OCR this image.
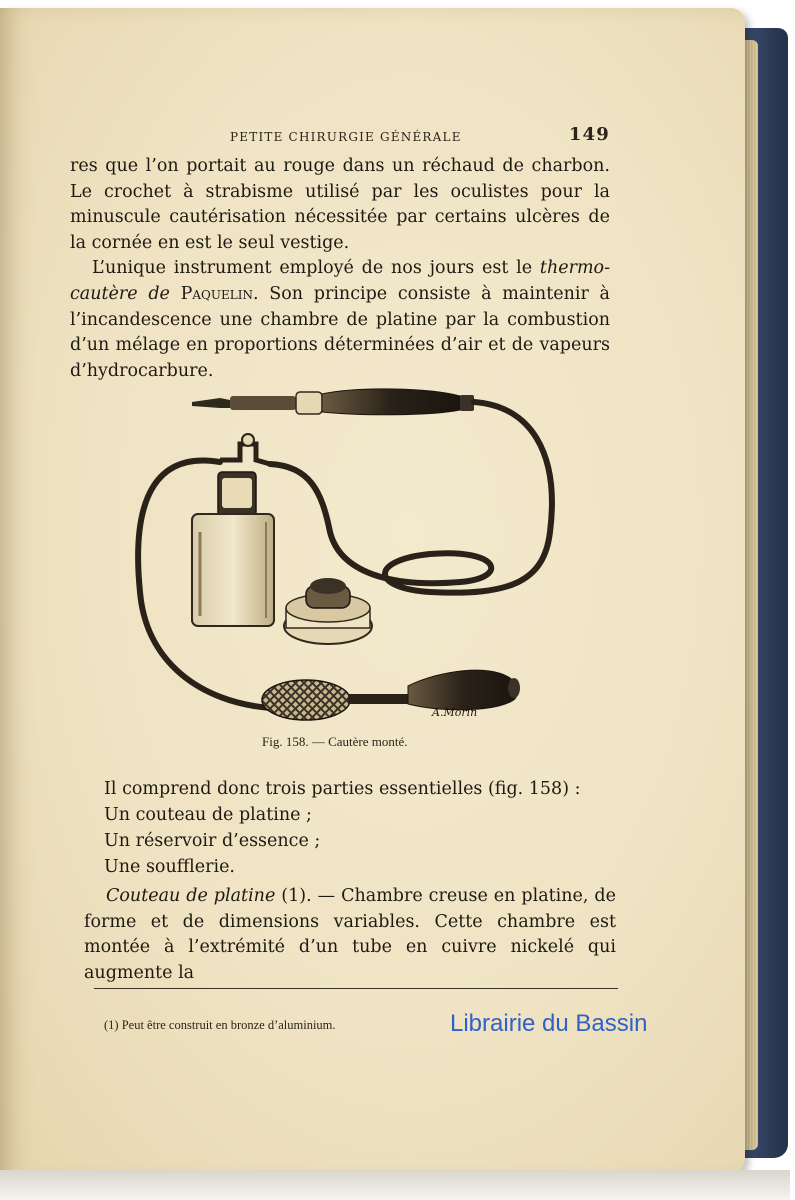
PETITE CHIRURGIE GÉNÉRALE	149

res que l’on portait au rouge dans un réchaud de charbon. Le crochet à strabisme utilisé par les oculistes pour la minuscule cautérisation nécessitée par certains ulcères de la cornée en est le seul vestige.

L’unique instrument employé de nos jours est le thermo-cautère de Paquelin. Son principe consiste à maintenir à l’incandescence une chambre de platine par la combustion d’un mélage en proportions déterminées d’air et de vapeurs d’hydrocarbure.

A.Morin
Fig. 158. — Cautère monté.
Il comprend donc trois parties essentielles (fig. 158) :
Un couteau de platine ;
Un réservoir d’essence ;
Une soufflerie.

Couteau de platine (1). — Chambre creuse en platine, de forme et de dimensions variables. Cette chambre est montée à l’extrémité d’un tube en cuivre nickelé qui augmente la

(1) Peut être construit en bronze d’aluminium.	Librairie du Bassin
